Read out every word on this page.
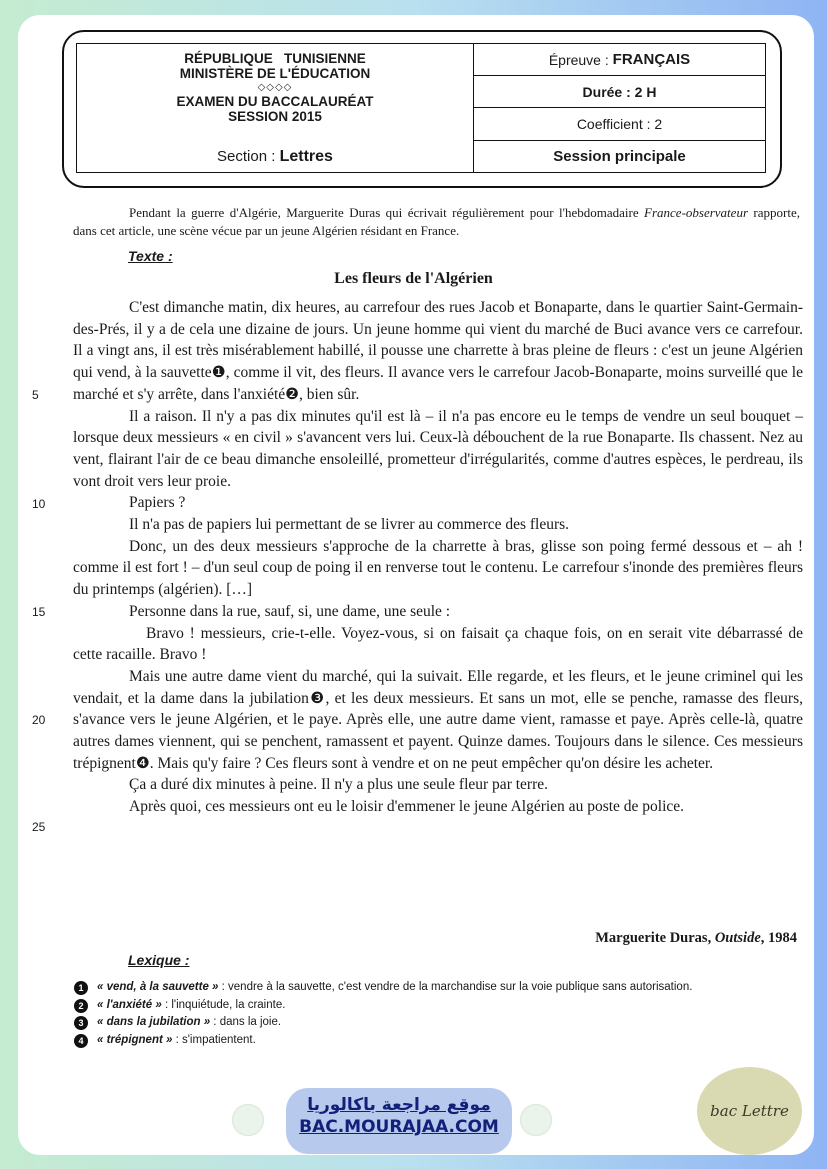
RÉPUBLIQUE   TUNISIENNE
MINISTÈRE DE L'ÉDUCATION
◇◇◇◇
EXAMEN DU BACCALAURÉAT
SESSION 2015
Épreuve : FRANÇAIS
Durée : 2 H
Coefficient : 2
Section : Lettres	Session principale
Pendant la guerre d'Algérie, Marguerite Duras qui écrivait régulièrement pour l'hebdomadaire France-observateur rapporte, dans cet article, une scène vécue par un jeune Algérien résidant en France.
Texte :
Les fleurs de l'Algérien

C'est dimanche matin, dix heures, au carrefour des rues Jacob et Bonaparte, dans le quartier Saint-Germain-des-Prés, il y a de cela une dizaine de jours. Un jeune homme qui vient du marché de Buci avance vers ce carrefour. Il a vingt ans, il est très misérablement habillé, il pousse une charrette à bras pleine de fleurs : c'est un jeune Algérien qui vend, à la sauvette❶, comme il vit, des fleurs. Il avance vers le carrefour Jacob-Bonaparte, moins surveillé que le marché et s'y arrête, dans l'anxiété❷, bien sûr.

Il a raison. Il n'y a pas dix minutes qu'il est là – il n'a pas encore eu le temps de vendre un seul bouquet – lorsque deux messieurs « en civil » s'avancent vers lui. Ceux-là débouchent de la rue Bonaparte. Ils chassent. Nez au vent, flairant l'air de ce beau dimanche ensoleillé, prometteur d'irrégularités, comme d'autres espèces, le perdreau, ils vont droit vers leur proie.

Papiers ?

Il n'a pas de papiers lui permettant de se livrer au commerce des fleurs.

Donc, un des deux messieurs s'approche de la charrette à bras, glisse son poing fermé dessous et – ah ! comme il est fort ! – d'un seul coup de poing il en renverse tout le contenu. Le carrefour s'inonde des premières fleurs du printemps (algérien). […]

Personne dans la rue, sauf, si, une dame, une seule :

Bravo ! messieurs, crie-t-elle. Voyez-vous, si on faisait ça chaque fois, on en serait vite débarrassé de cette racaille. Bravo !

Mais une autre dame vient du marché, qui la suivait. Elle regarde, et les fleurs, et le jeune criminel qui les vendait, et la dame dans la jubilation❸, et les deux messieurs. Et sans un mot, elle se penche, ramasse des fleurs, s'avance vers le jeune Algérien, et le paye. Après elle, une autre dame vient, ramasse et paye. Après celle-là, quatre autres dames viennent, qui se penchent, ramassent et payent. Quinze dames. Toujours dans le silence. Ces messieurs trépignent❹. Mais qu'y faire ? Ces fleurs sont à vendre et on ne peut empêcher qu'on désire les acheter.

Ça a duré dix minutes à peine. Il n'y a plus une seule fleur par terre.

Après quoi, ces messieurs ont eu le loisir d'emmener le jeune Algérien au poste de police.

5
10
15
20
25
Marguerite Duras, Outside, 1984
Lexique :
1	« vend, à la sauvette » : vendre à la sauvette, c'est vendre de la marchandise sur la voie publique sans autorisation.
2	« l'anxiété » : l'inquiétude, la crainte.
3	« dans la jubilation » : dans la joie.
4	« trépignent » : s'impatientent.
موقع مراجعة باكالوريا
BAC.MOURAJAA.COM
bac Lettre
